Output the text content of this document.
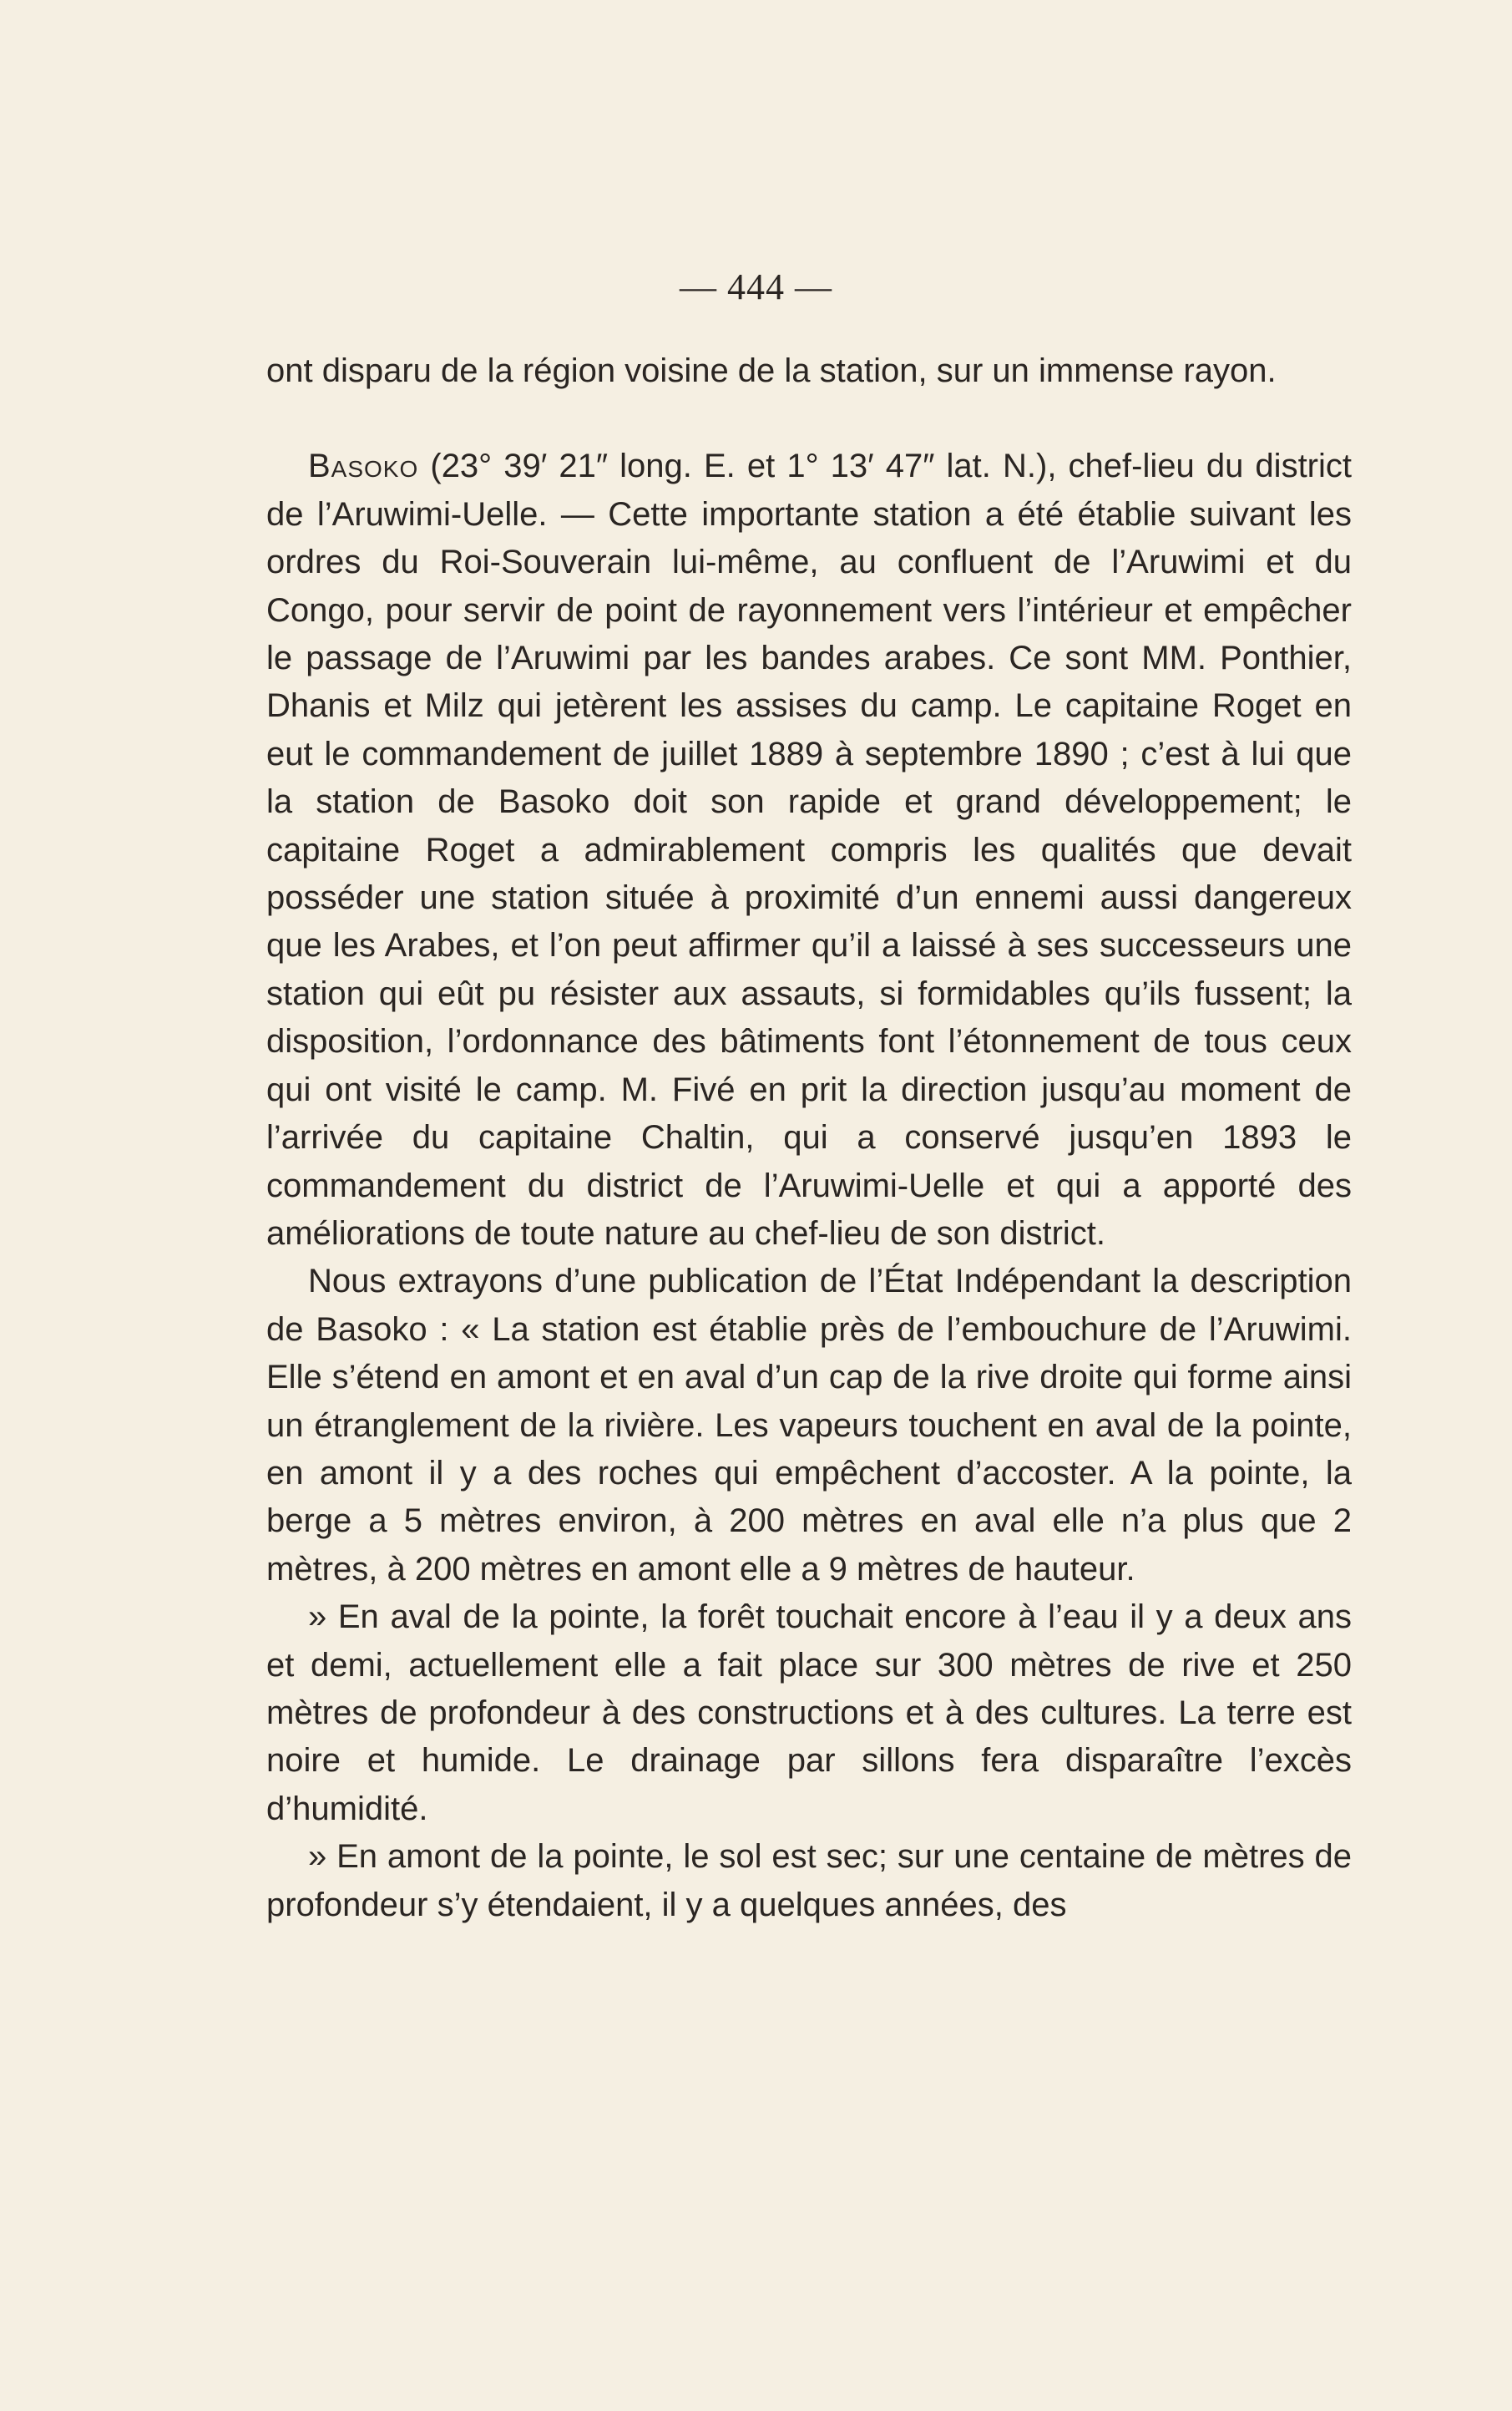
— 444 —

ont disparu de la région voisine de la station, sur un immense rayon.

Basoko (23° 39′ 21″ long. E. et 1° 13′ 47″ lat. N.), chef-lieu du district de l’Aruwimi-Uelle. — Cette importante station a été établie suivant les ordres du Roi-Souverain lui-même, au confluent de l’Aruwimi et du Congo, pour servir de point de rayonnement vers l’intérieur et empêcher le passage de l’Aruwimi par les bandes arabes. Ce sont MM. Ponthier, Dhanis et Milz qui jetèrent les assises du camp. Le capitaine Roget en eut le commandement de juillet 1889 à septembre 1890 ; c’est à lui que la station de Basoko doit son rapide et grand développement; le capitaine Roget a admirablement compris les qualités que devait posséder une station située à proximité d’un ennemi aussi dangereux que les Arabes, et l’on peut affirmer qu’il a laissé à ses successeurs une station qui eût pu résister aux assauts, si formidables qu’ils fussent; la disposition, l’ordonnance des bâtiments font l’étonnement de tous ceux qui ont visité le camp. M. Fivé en prit la direction jusqu’au moment de l’arrivée du capitaine Chaltin, qui a conservé jusqu’en 1893 le commandement du district de l’Aruwimi-Uelle et qui a apporté des améliorations de toute nature au chef-lieu de son district.

Nous extrayons d’une publication de l’État Indépendant la description de Basoko : « La station est établie près de l’embouchure de l’Aruwimi. Elle s’étend en amont et en aval d’un cap de la rive droite qui forme ainsi un étranglement de la rivière. Les vapeurs touchent en aval de la pointe, en amont il y a des roches qui empêchent d’accoster. A la pointe, la berge a 5 mètres environ, à 200 mètres en aval elle n’a plus que 2 mètres, à 200 mètres en amont elle a 9 mètres de hauteur.

» En aval de la pointe, la forêt touchait encore à l’eau il y a deux ans et demi, actuellement elle a fait place sur 300 mètres de rive et 250 mètres de profondeur à des constructions et à des cultures. La terre est noire et humide. Le drainage par sillons fera disparaître l’excès d’humidité.

» En amont de la pointe, le sol est sec; sur une centaine de mètres de profondeur s’y étendaient, il y a quelques années, des
